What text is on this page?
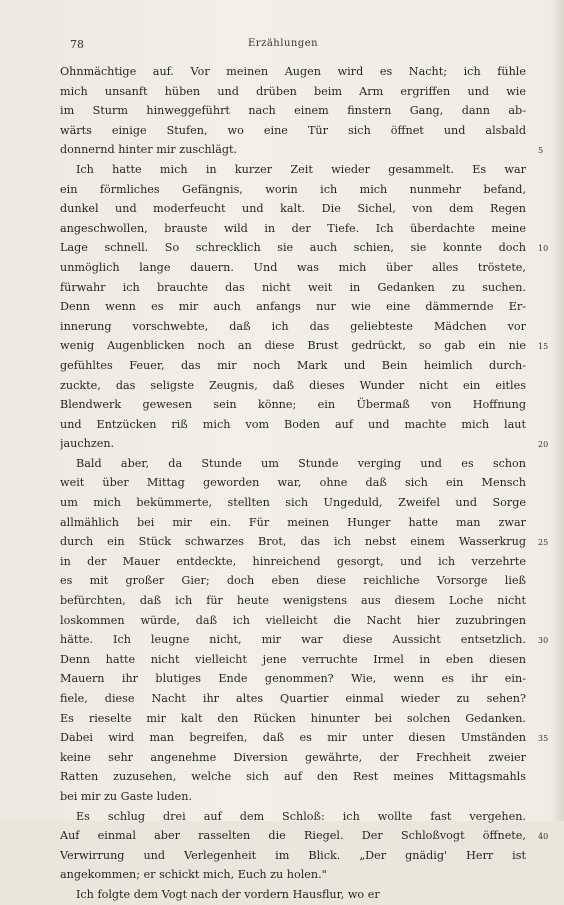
78	Erzählungen
Ohnmächtige auf. Vor meinen Augen wird es Nacht; ich fühle
mich unsanft hüben und drüben beim Arm ergriffen und wie
im Sturm hinweggeführt nach einem finstern Gang, dann ab-
wärts einige Stufen, wo eine Tür sich öffnet und alsbald
donnernd hinter mir zuschlägt.
Ich hatte mich in kurzer Zeit wieder gesammelt. Es war
ein förmliches Gefängnis, worin ich mich nunmehr befand,
dunkel und moderfeucht und kalt. Die Sichel, von dem Regen
angeschwollen, brauste wild in der Tiefe. Ich überdachte meine
Lage schnell. So schrecklich sie auch schien, sie konnte doch
unmöglich lange dauern. Und was mich über alles tröstete,
fürwahr ich brauchte das nicht weit in Gedanken zu suchen.
Denn wenn es mir auch anfangs nur wie eine dämmernde Er-
innerung vorschwebte, daß ich das geliebteste Mädchen vor
wenig Augenblicken noch an diese Brust gedrückt, so gab ein nie
gefühltes Feuer, das mir noch Mark und Bein heimlich durch-
zuckte, das seligste Zeugnis, daß dieses Wunder nicht ein eitles
Blendwerk gewesen sein könne; ein Übermaß von Hoffnung
und Entzücken riß mich vom Boden auf und machte mich laut
jauchzen.
Bald aber, da Stunde um Stunde verging und es schon
weit über Mittag geworden war, ohne daß sich ein Mensch
um mich bekümmerte, stellten sich Ungeduld, Zweifel und Sorge
allmählich bei mir ein. Für meinen Hunger hatte man zwar
durch ein Stück schwarzes Brot, das ich nebst einem Wasserkrug
in der Mauer entdeckte, hinreichend gesorgt, und ich verzehrte
es mit großer Gier; doch eben diese reichliche Vorsorge ließ
befürchten, daß ich für heute wenigstens aus diesem Loche nicht
loskommen würde, daß ich vielleicht die Nacht hier zuzubringen
hätte. Ich leugne nicht, mir war diese Aussicht entsetzlich.
Denn hatte nicht vielleicht jene verruchte Irmel in eben diesen
Mauern ihr blutiges Ende genommen? Wie, wenn es ihr ein-
fiele, diese Nacht ihr altes Quartier einmal wieder zu sehen?
Es rieselte mir kalt den Rücken hinunter bei solchen Gedanken.
Dabei wird man begreifen, daß es mir unter diesen Umständen
keine sehr angenehme Diversion gewährte, der Frechheit zweier
Ratten zuzusehen, welche sich auf den Rest meines Mittagsmahls
bei mir zu Gaste luden.
Es schlug drei auf dem Schloß: ich wollte fast vergehen.
Auf einmal aber rasselten die Riegel. Der Schloßvogt öffnete,
Verwirrung und Verlegenheit im Blick. „Der gnädig' Herr ist
angekommen; er schickt mich, Euch zu holen."
Ich folgte dem Vogt nach der vordern Hausflur, wo er
5
10
15
20
25
30
35
40
